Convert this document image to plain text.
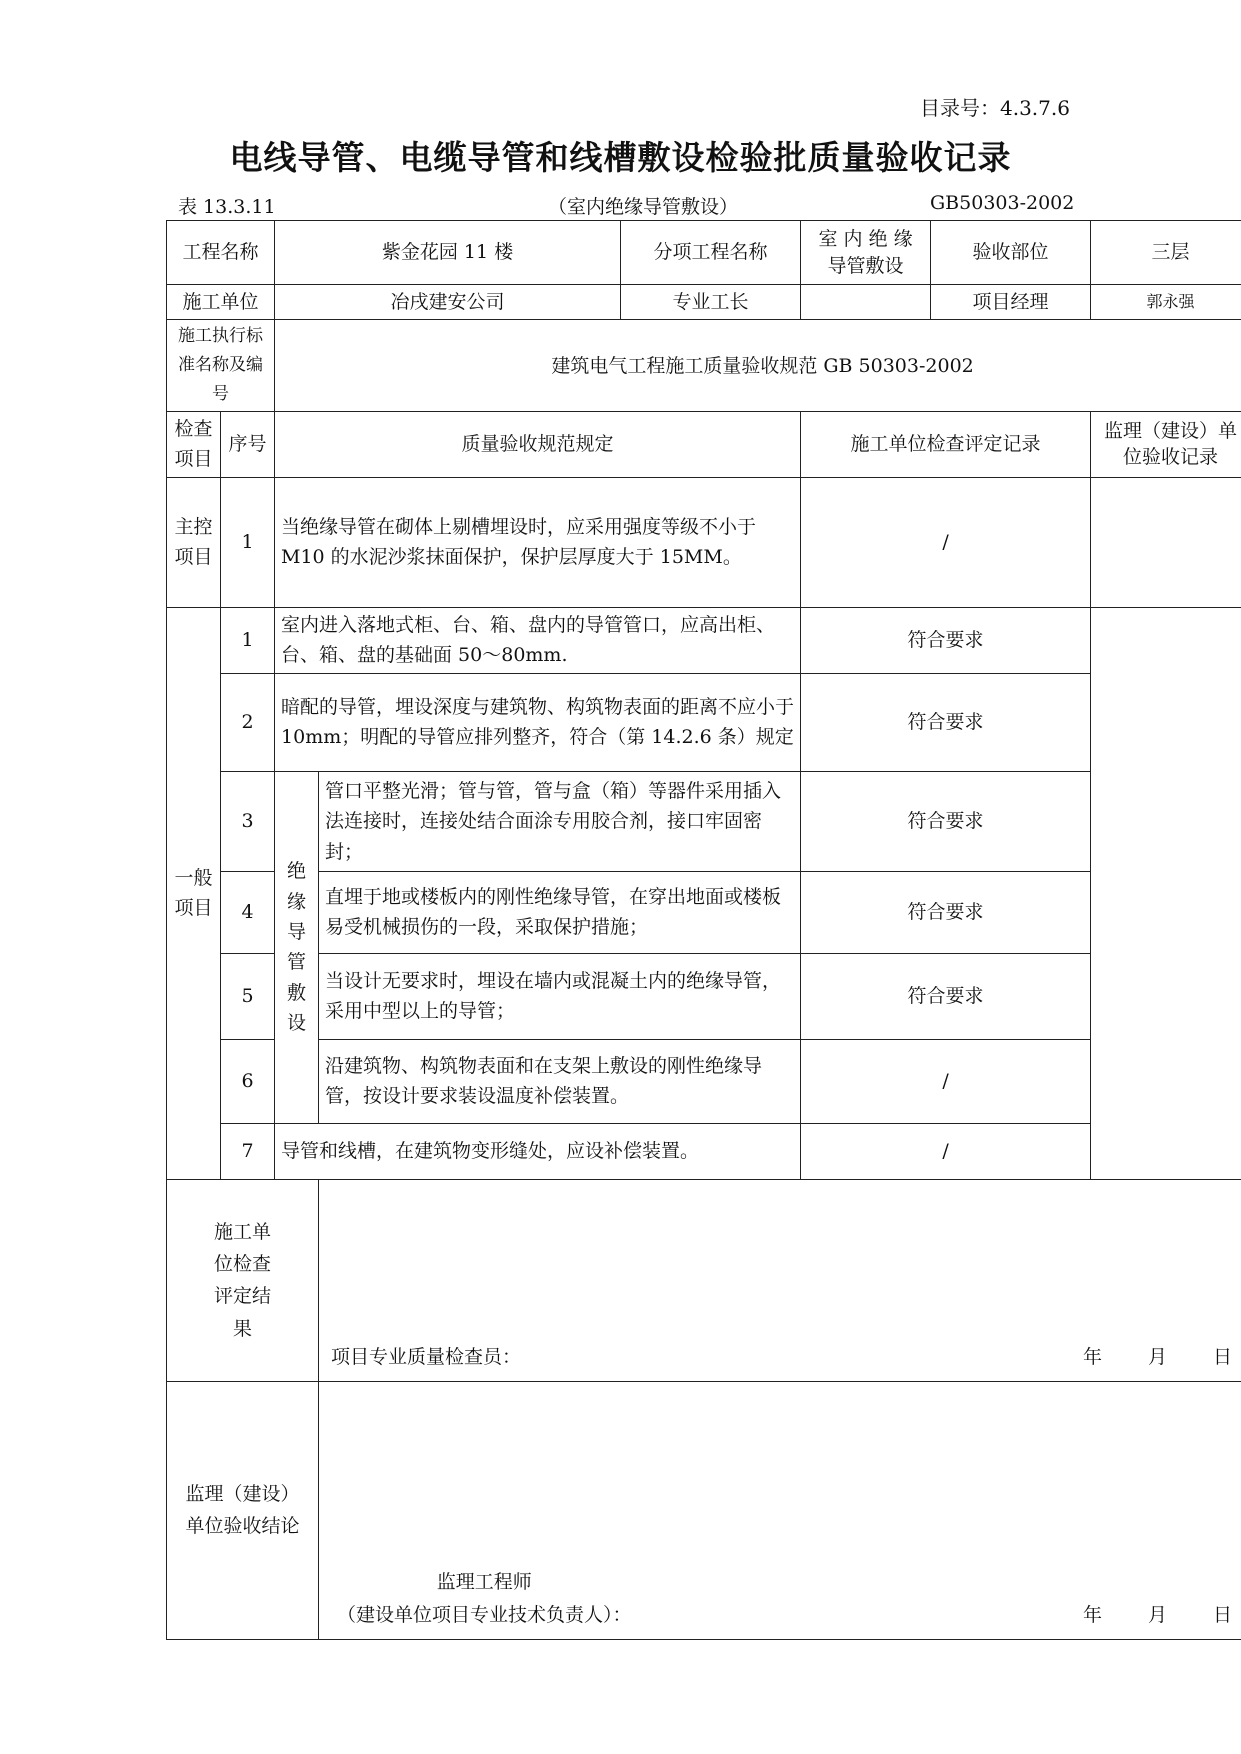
目录号：4.3.7.6
电线导管、电缆导管和线槽敷设检验批质量验收记录
表 13.3.11	（室内绝缘导管敷设）	GB50303-2002
工程名称		紫金花园 11 楼		分项工程名称	室 内 绝 缘 导管敷设	验收部位	三层
施工单位		冶戌建安公司		专业工长		项目经理	郭永强
施工执行标准名称及编号		建筑电气工程施工质量验收规范 GB 50303-2002					
检查项目	序号	质量验收规范规定			施工单位检查评定记录		监理（建设）单位验收记录
主控项目	1	当绝缘导管在砌体上剔槽埋设时，应采用强度等级不小于 M10 的水泥沙浆抹面保护，保护层厚度大于 15MM。			/		
一般项目	1	室内进入落地式柜、台、箱、盘内的导管管口，应高出柜、台、箱、盘的基础面 50～80mm.			符合要求		
	2	暗配的导管，埋设深度与建筑物、构筑物表面的距离不应小于 10mm；明配的导管应排列整齐，符合（第 14.2.6 条）规定			符合要求		
	3	绝缘导管敷设	管口平整光滑；管与管，管与盒（箱）等器件采用插入法连接时，连接处结合面涂专用胶合剂，接口牢固密封；		符合要求		
	4		直埋于地或楼板内的刚性绝缘导管，在穿出地面或楼板易受机械损伤的一段，采取保护措施；		符合要求		
	5		当设计无要求时，埋设在墙内或混凝土内的绝缘导管，采用中型以上的导管；		符合要求		
	6		沿建筑物、构筑物表面和在支架上敷设的刚性绝缘导管，按设计要求装设温度补偿装置。		/		
	7	导管和线槽，在建筑物变形缝处，应设补偿装置。			/		
施工单位检查评定结果			项目专业质量检查员： 年 月 日				

监理（建设）单位验收结论			监理工程师
（建设单位项目专业技术负责人）： 年 月 日				
